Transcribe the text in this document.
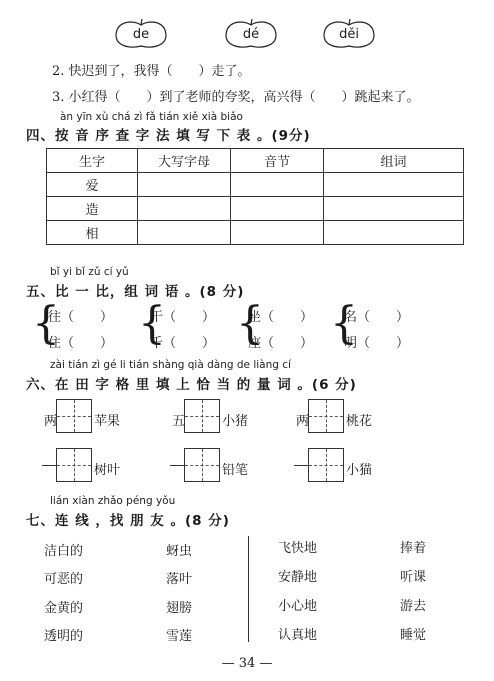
de	dé	děi
2. 快迟到了，我得（　　）走了。
3. 小红得（　　）到了老师的夸奖，高兴得（　　）跳起来了。
àn yīn xù chá zì fǎ tián xiě xià biǎo
四、按 音 序 查 字 法 填 写 下 表 。(9分)
生字	大写字母	音节	组词
爱			
造			
相			
bǐ yi bǐ zǔ cí yǔ
五、比 一 比，组 词 语 。(8 分)
{
往（　　）
住（　　） {
干（　　）
千（　　） {
坐（　　）
座（　　） {
名（　　）
明（　　）
zài tián zì gé li tián shàng qià dàng de liàng cí
六、在 田 字 格 里 填 上 恰 当 的 量 词 。(6 分)
两	苹果	五	小猪	两	桃花
树叶	铅笔	小猫
lián xiàn zhǎo péng yǒu
七、连 线 ，找 朋 友 。(8 分)
洁白的
可恶的
金黄的
透明的
蚜虫
落叶
翅膀
雪莲
飞快地
安静地
小心地
认真地
捧着
听课
游去
睡觉
— 34 —
